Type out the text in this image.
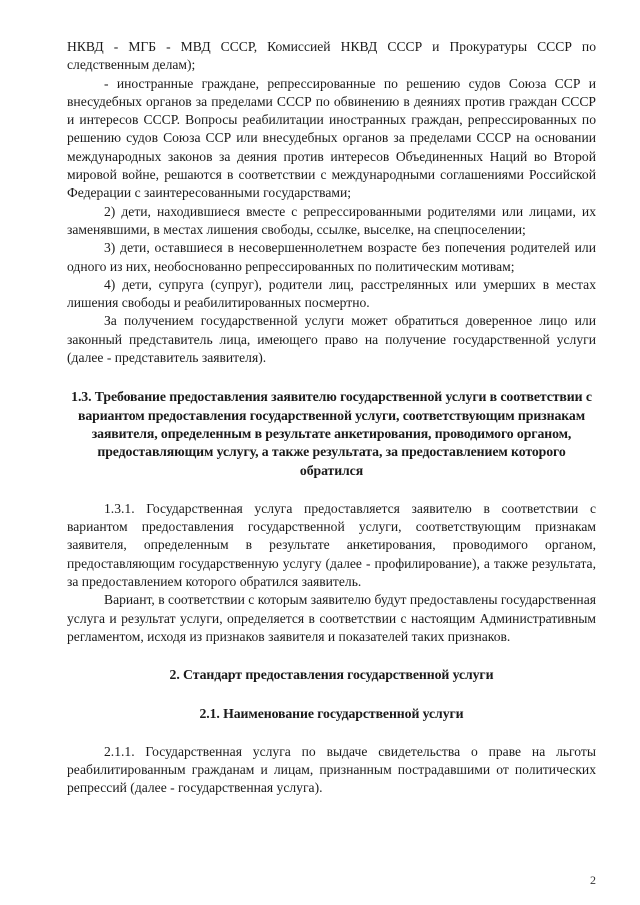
НКВД - МГБ - МВД СССР, Комиссией НКВД СССР и Прокуратуры СССР по следственным делам);

- иностранные граждане, репрессированные по решению судов Союза ССР и внесудебных органов за пределами СССР по обвинению в деяниях против граждан СССР и интересов СССР. Вопросы реабилитации иностранных граждан, репрессированных по решению судов Союза ССР или внесудебных органов за пределами СССР на основании международных законов за деяния против интересов Объединенных Наций во Второй мировой войне, решаются в соответствии с международными соглашениями Российской Федерации с заинтересованными государствами;

2) дети, находившиеся вместе с репрессированными родителями или лицами, их заменявшими, в местах лишения свободы, ссылке, выселке, на спецпоселении;

3) дети, оставшиеся в несовершеннолетнем возрасте без попечения родителей или одного из них, необоснованно репрессированных по политическим мотивам;

4) дети, супруга (супруг), родители лиц, расстрелянных или умерших в местах лишения свободы и реабилитированных посмертно.

За получением государственной услуги может обратиться доверенное лицо или законный представитель лица, имеющего право на получение государственной услуги (далее - представитель заявителя).

1.3. Требование предоставления заявителю государственной услуги в соответствии с вариантом предоставления государственной услуги, соответствующим признакам заявителя, определенным в результате анкетирования, проводимого органом, предоставляющим услугу, а также результата, за предоставлением которого обратился

1.3.1. Государственная услуга предоставляется заявителю в соответствии с вариантом предоставления государственной услуги, соответствующим признакам заявителя, определенным в результате анкетирования, проводимого органом, предоставляющим государственную услугу (далее - профилирование), а также результата, за предоставлением которого обратился заявитель.

Вариант, в соответствии с которым заявителю будут предоставлены государственная услуга и результат услуги, определяется в соответствии с настоящим Административным регламентом, исходя из признаков заявителя и показателей таких признаков.

2. Стандарт предоставления государственной услуги
2.1. Наименование государственной услуги

2.1.1. Государственная услуга по выдаче свидетельства о праве на льготы реабилитированным гражданам и лицам, признанным пострадавшими от политических репрессий (далее - государственная услуга).

2
